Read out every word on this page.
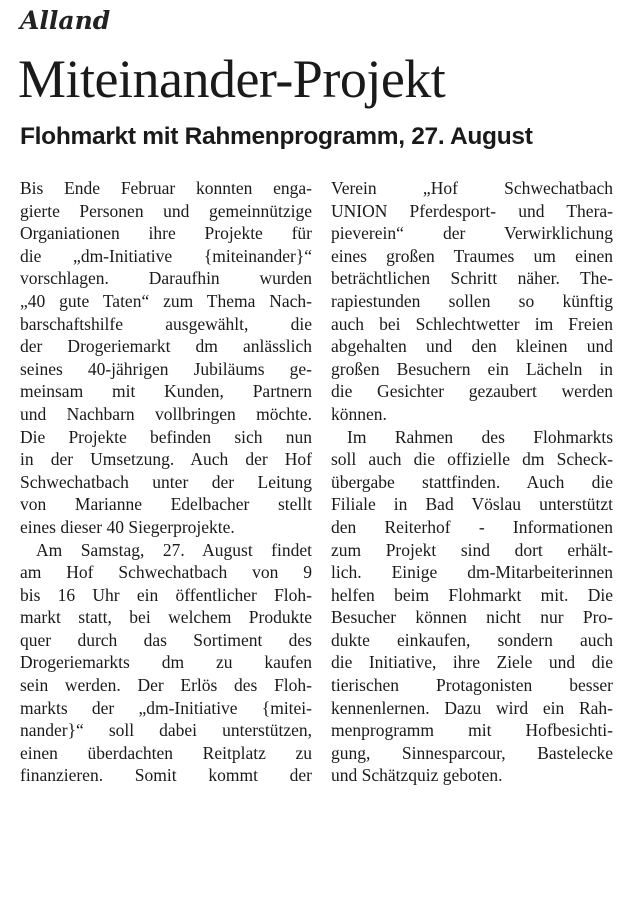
Alland
Miteinander-Projekt
Flohmarkt mit Rahmenprogramm, 27. August
Bis Ende Februar konnten enga-
gierte Personen und gemeinnützige
Organiationen ihre Projekte für
die „dm-Initiative {miteinander}“
vorschlagen. Daraufhin wurden
„40 gute Taten“ zum Thema Nach-
barschaftshilfe ausgewählt, die
der Drogeriemarkt dm anlässlich
seines 40-jährigen Jubiläums ge-
meinsam mit Kunden, Partnern
und Nachbarn vollbringen möchte.
Die Projekte befinden sich nun
in der Umsetzung. Auch der Hof
Schwechatbach unter der Leitung
von Marianne Edelbacher stellt
eines dieser 40 Siegerprojekte.
Am Samstag, 27. August findet
am Hof Schwechatbach von 9
bis 16 Uhr ein öffentlicher Floh-
markt statt, bei welchem Produkte
quer durch das Sortiment des
Drogeriemarkts dm zu kaufen
sein werden. Der Erlös des Floh-
markts der „dm-Initiative {mitei-
nander}“ soll dabei unterstützen,
einen überdachten Reitplatz zu
finanzieren. Somit kommt der
Verein „Hof Schwechatbach
UNION Pferdesport- und Thera-
pieverein“ der Verwirklichung
eines großen Traumes um einen
beträchtlichen Schritt näher. The-
rapiestunden sollen so künftig
auch bei Schlechtwetter im Freien
abgehalten und den kleinen und
großen Besuchern ein Lächeln in
die Gesichter gezaubert werden
können.
Im Rahmen des Flohmarkts
soll auch die offizielle dm Scheck-
übergabe stattfinden. Auch die
Filiale in Bad Vöslau unterstützt
den Reiterhof - Informationen
zum Projekt sind dort erhält-
lich. Einige dm-Mitarbeiterinnen
helfen beim Flohmarkt mit. Die
Besucher können nicht nur Pro-
dukte einkaufen, sondern auch
die Initiative, ihre Ziele und die
tierischen Protagonisten besser
kennenlernen. Dazu wird ein Rah-
menprogramm mit Hofbesichti-
gung, Sinnesparcour, Bastelecke
und Schätzquiz geboten.
